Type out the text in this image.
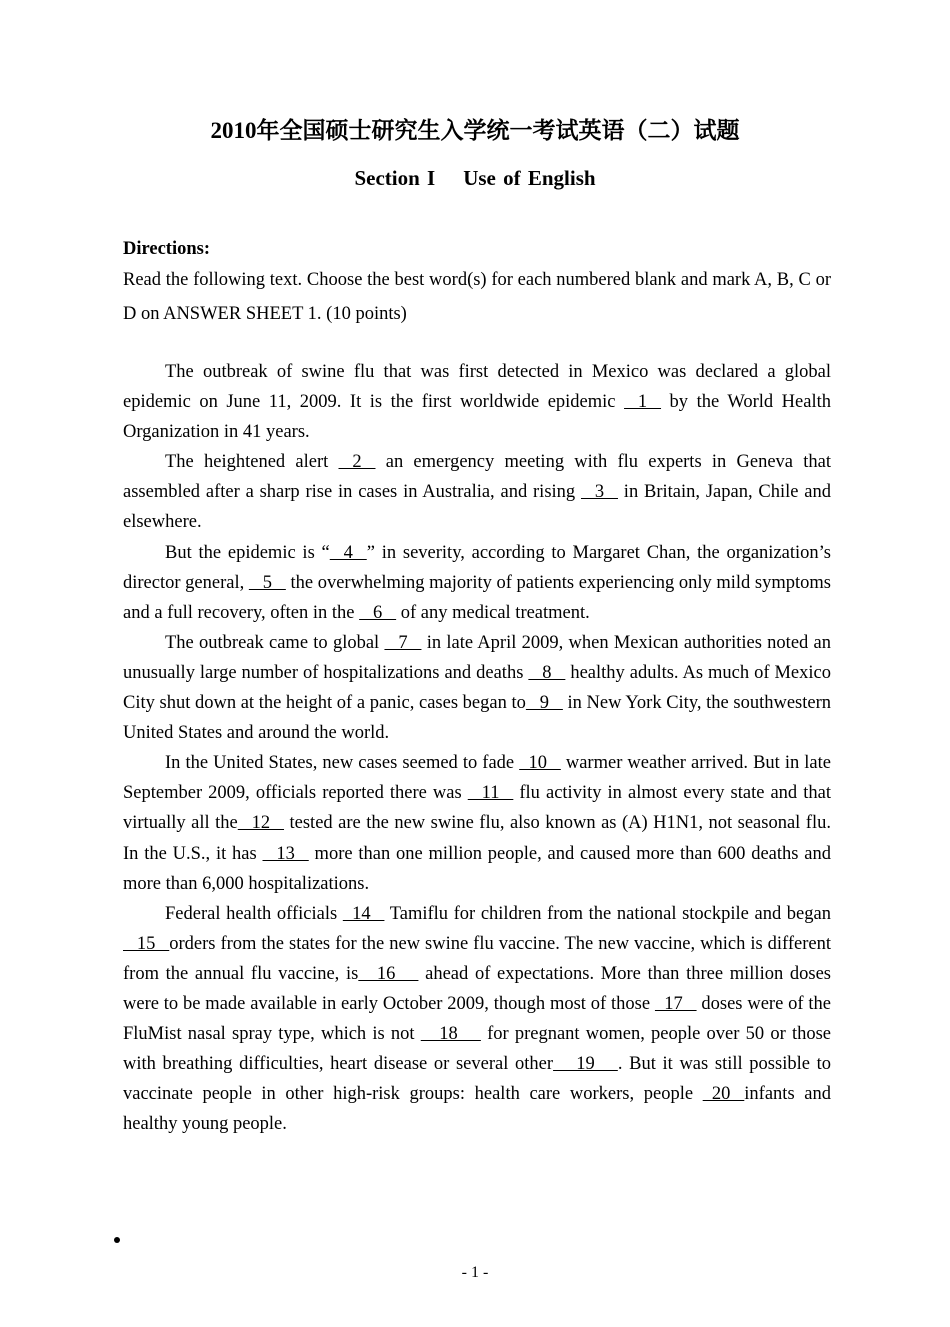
2010年全国硕士研究生入学统一考试英语（二）试题
Section I Use of English
Directions:

Read the following text. Choose the best word(s) for each numbered blank and mark A, B, C or D on ANSWER SHEET 1. (10 points)

The outbreak of swine flu that was first detected in Mexico was declared a global epidemic on June 11, 2009. It is the first worldwide epidemic    1    by the World Health Organization in 41 years.

The heightened alert    2    an emergency meeting with flu experts in Geneva that assembled after a sharp rise in cases in Australia, and rising    3    in Britain, Japan, Chile and elsewhere.

But the epidemic is “   4   ” in severity, according to Margaret Chan, the organization’s director general,    5    the overwhelming majority of patients experiencing only mild symptoms and a full recovery, often in the    6    of any medical treatment.

The outbreak came to global    7    in late April 2009, when Mexican authorities noted an unusually large number of hospitalizations and deaths    8    healthy adults. As much of Mexico City shut down at the height of a panic, cases began to   9    in New York City, the southwestern United States and around the world.

In the United States, new cases seemed to fade   10    warmer weather arrived. But in late September 2009, officials reported there was    11    flu activity in almost every state and that virtually all the   12    tested are the new swine flu, also known as (A) H1N1, not seasonal flu. In the U.S., it has    13    more than one million people, and caused more than 600 deaths and more than 6,000 hospitalizations.

Federal health officials   14    Tamiflu for children from the national stockpile and began   15   orders from the states for the new swine flu vaccine. The new vaccine, which is different from the annual flu vaccine, is    16      ahead of expectations. More than three million doses were to be made available in early October 2009, though most of those   17    doses were of the FluMist nasal spray type, which is not     18      for pregnant women, people over 50 or those with breathing difficulties, heart disease or several other     19     . But it was still possible to vaccinate people in other high-risk groups: health care workers, people   20   infants and healthy young people.

- 1 -
